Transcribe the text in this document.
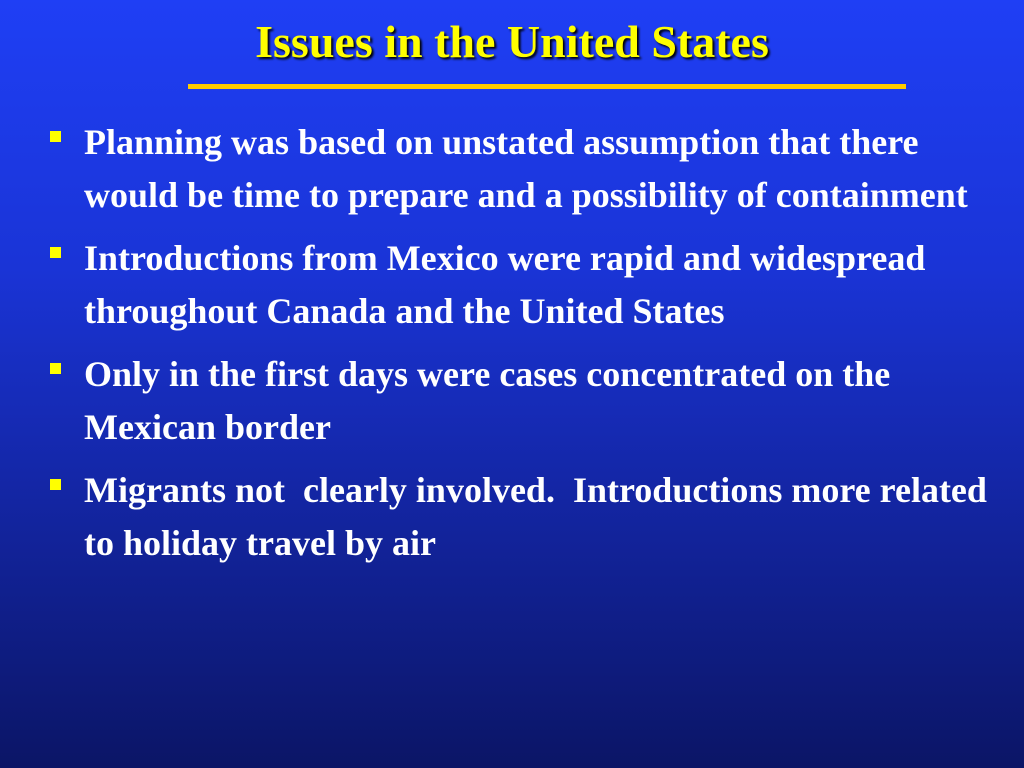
Issues in the United States
Planning was based on unstated assumption that there would be time to prepare and a possibility of containment
Introductions from Mexico were rapid and widespread throughout Canada and the United States
Only in the first days were cases concentrated on the Mexican border
Migrants not  clearly involved.  Introductions more related to holiday travel by air
